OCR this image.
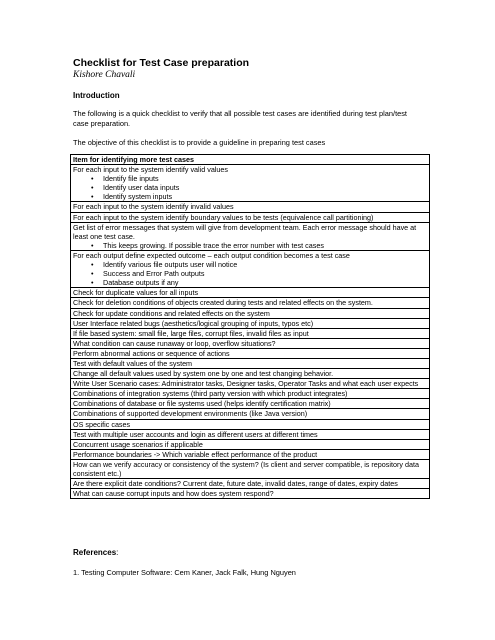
Checklist for Test Case preparation
Kishore Chavali
Introduction
The following is a quick checklist to verify that all possible test cases are identified during test plan/test case preparation.
The objective of this checklist is to provide a guideline in preparing test cases
Item for identifying more test cases

For each input to the system identify valid values
• Identify file inputs
• Identify user data inputs
• Identify system inputs

For each input to the system identify invalid values

For each input to the system identify boundary values to be tests (equivalence call partitioning)

Get list of error messages that system will give from development team. Each error message should have at least one test case.
• This keeps growing. If possible trace the error number with test cases

For each output define expected outcome – each output condition becomes a test case
• Identify various file outputs user will notice
• Success and Error Path outputs
• Database outputs if any

Check for duplicate values for all inputs

Check for deletion conditions of objects created during tests and related effects on the system.

Check for update conditions and related effects on the system

User Interface related bugs (aesthetics/logical grouping of inputs, typos etc)

If file based system: small file, large files, corrupt files, invalid files as input

What condition can cause runaway or loop, overflow situations?

Perform abnormal actions or sequence of actions

Test with default values of the system

Change all default values used by system one by one and test changing behavior.

Write User Scenario cases: Administrator tasks, Designer tasks, Operator Tasks and what each user expects

Combinations of integration systems (third party version with which product integrates)

Combinations of database or file systems used (helps identify certification matrix)

Combinations of supported development environments (like Java version)

OS specific cases

Test with multiple user accounts and login as different users at different times

Concurrent usage scenarios if applicable

Performance boundaries -> Which variable effect performance of the product

How can we verify accuracy or consistency of the system? (Is client and server compatible, is repository data consistent etc.)

Are there explicit date conditions? Current date, future date, invalid dates, range of dates, expiry dates

What can cause corrupt inputs and how does system respond?
References:
1. Testing Computer Software: Cem Kaner, Jack Falk, Hung Nguyen
